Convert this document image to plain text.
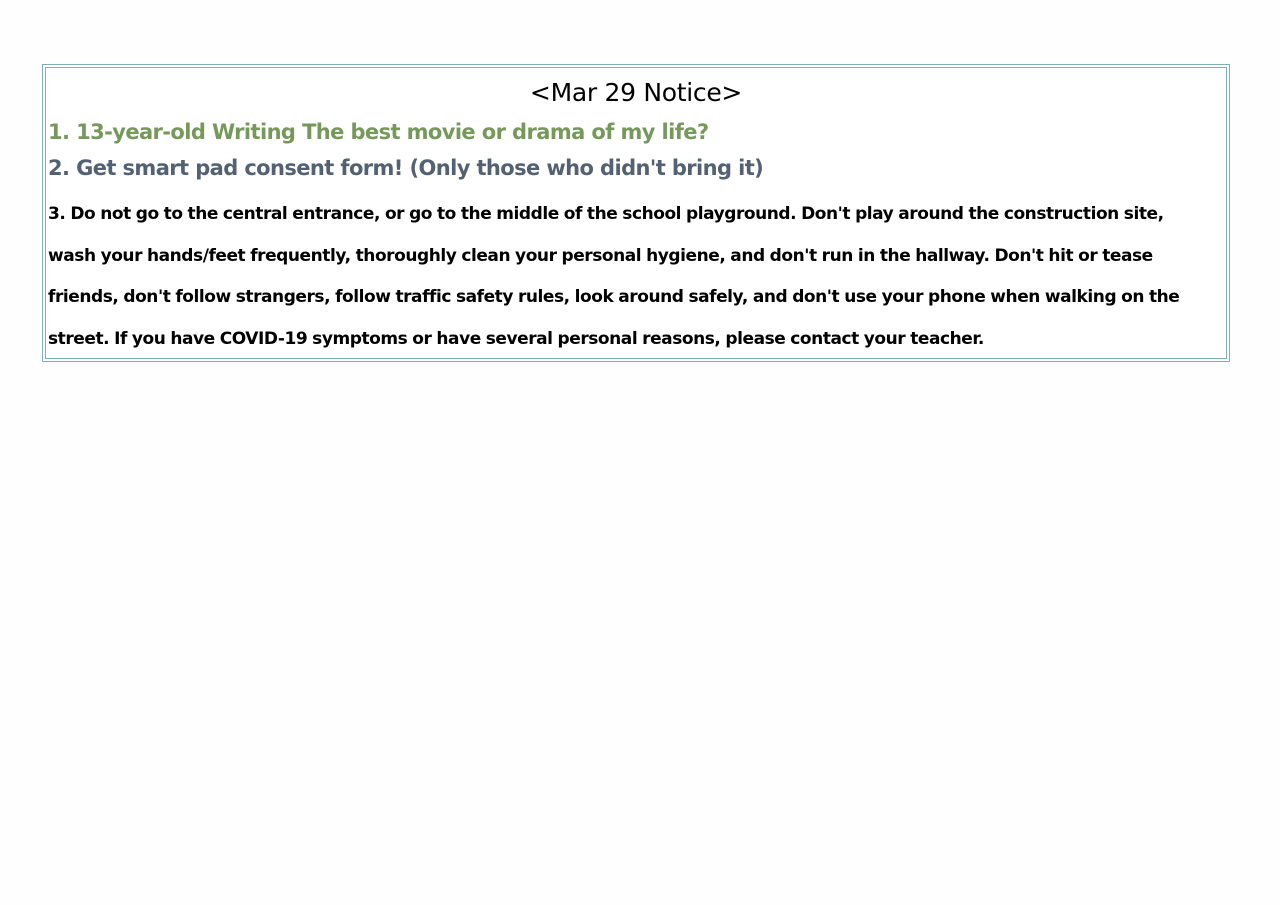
<Mar 29 Notice>
1. 13-year-old Writing The best movie or drama of my life?
2. Get smart pad consent form! (Only those who didn't bring it)
3. Do not go to the central entrance, or go to the middle of the school playground. Don't play around the construction site, wash your hands/feet frequently, thoroughly clean your personal hygiene, and don't run in the hallway. Don't hit or tease friends, don't follow strangers, follow traffic safety rules, look around safely, and don't use your phone when walking on the street. If you have COVID-19 symptoms or have several personal reasons, please contact your teacher.
